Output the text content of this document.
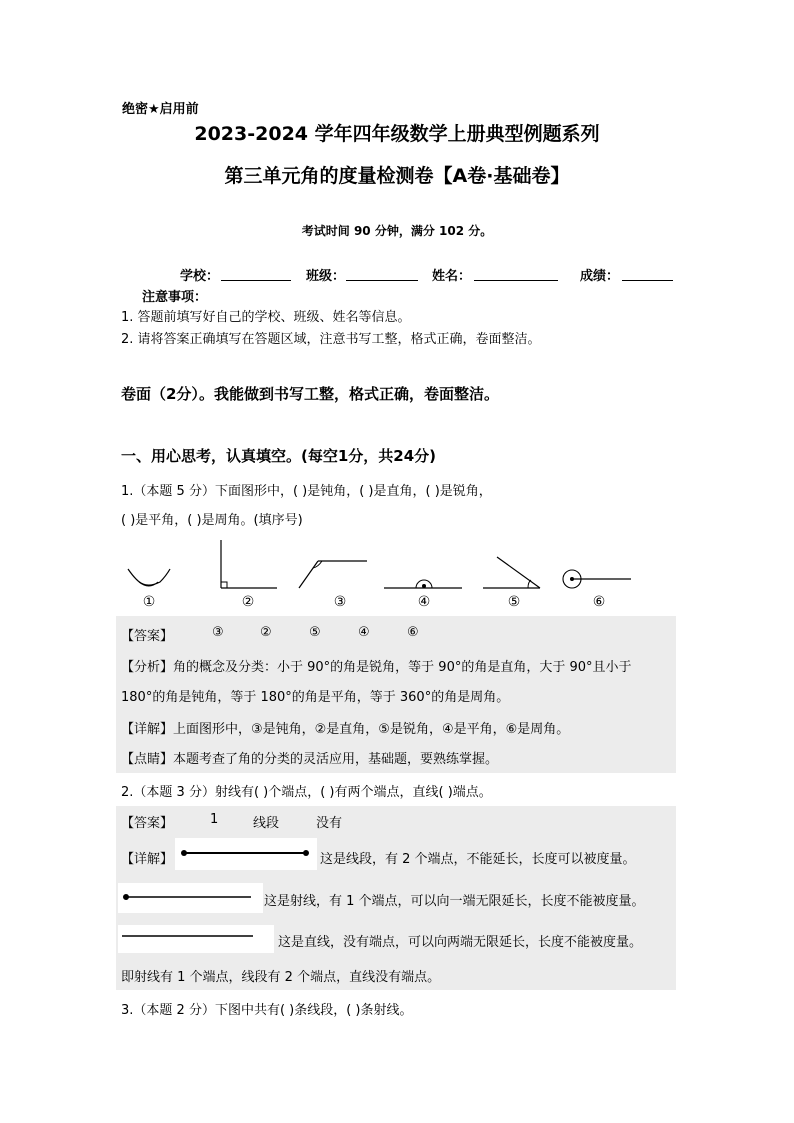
绝密★启用前
2023-2024 学年四年级数学上册典型例题系列
第三单元角的度量检测卷【A卷·基础卷】
考试时间 90 分钟，满分 102 分。
学校：	班级：	姓名：	成绩：
注意事项：
1. 答题前填写好自己的学校、班级、姓名等信息。
2. 请将答案正确填写在答题区域，注意书写工整，格式正确，卷面整洁。
卷面（2分）。我能做到书写工整，格式正确，卷面整洁。
一、用心思考，认真填空。(每空1分，共24分)
1.（本题 5 分）下面图形中，( )是钝角，( )是直角，( )是锐角，
( )是平角，( )是周角。(填序号)
①	②	③	④	⑤	⑥
【答案】	③	②	⑤	④	⑥
【分析】角的概念及分类：小于 90°的角是锐角，等于 90°的角是直角，大于 90°且小于
180°的角是钝角，等于 180°的角是平角，等于 360°的角是周角。
【详解】上面图形中，③是钝角，②是直角，⑤是锐角，④是平角，⑥是周角。
【点睛】本题考查了角的分类的灵活应用，基础题，要熟练掌握。
2.（本题 3 分）射线有( )个端点，( )有两个端点，直线( )端点。
【答案】	1	线段	没有
【详解】	这是线段，有 2 个端点，不能延长，长度可以被度量。
这是射线，有 1 个端点，可以向一端无限延长，长度不能被度量。
这是直线，没有端点，可以向两端无限延长，长度不能被度量。
即射线有 1 个端点，线段有 2 个端点，直线没有端点。
3.（本题 2 分）下图中共有( )条线段，( )条射线。
